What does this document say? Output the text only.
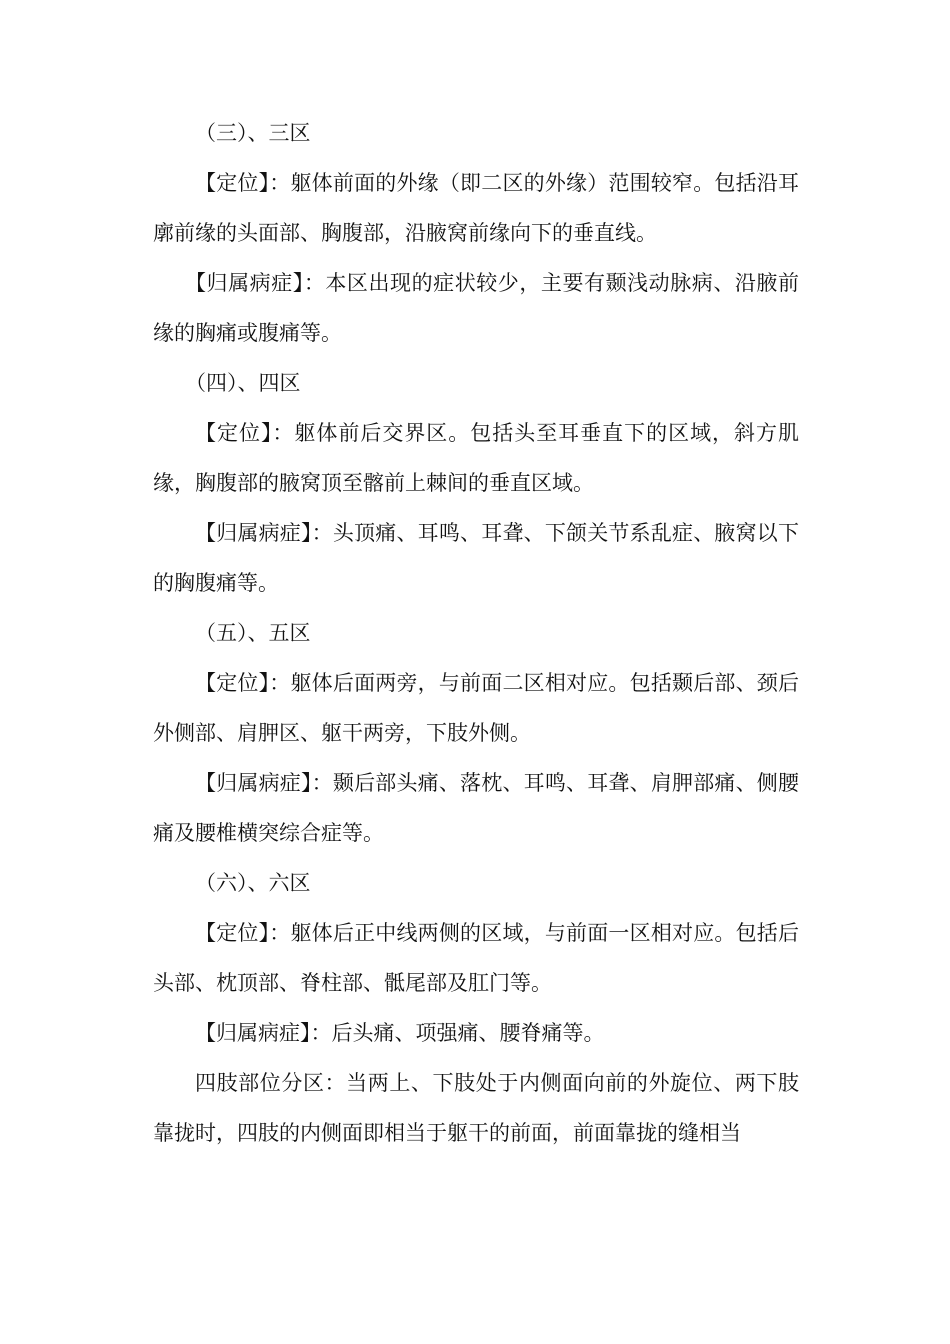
（三）、三区

【定位】：躯体前面的外缘（即二区的外缘）范围较窄。包括沿耳廓前缘的头面部、胸腹部，沿腋窝前缘向下的垂直线。

【归属病症】：本区出现的症状较少，主要有颞浅动脉病、沿腋前缘的胸痛或腹痛等。

（四）、四区

【定位】：躯体前后交界区。包括头至耳垂直下的区域，斜方肌缘，胸腹部的腋窝顶至髂前上棘间的垂直区域。

【归属病症】：头顶痛、耳鸣、耳聋、下颌关节系乱症、腋窝以下的胸腹痛等。

（五）、五区

【定位】：躯体后面两旁，与前面二区相对应。包括颞后部、颈后外侧部、肩胛区、躯干两旁，下肢外侧。

【归属病症】：颞后部头痛、落枕、耳鸣、耳聋、肩胛部痛、侧腰痛及腰椎横突综合症等。

（六）、六区

【定位】：躯体后正中线两侧的区域，与前面一区相对应。包括后头部、枕顶部、脊柱部、骶尾部及肛门等。

【归属病症】：后头痛、项强痛、腰脊痛等。

四肢部位分区：当两上、下肢处于内侧面向前的外旋位、两下肢靠拢时，四肢的内侧面即相当于躯干的前面，前面靠拢的缝相当
